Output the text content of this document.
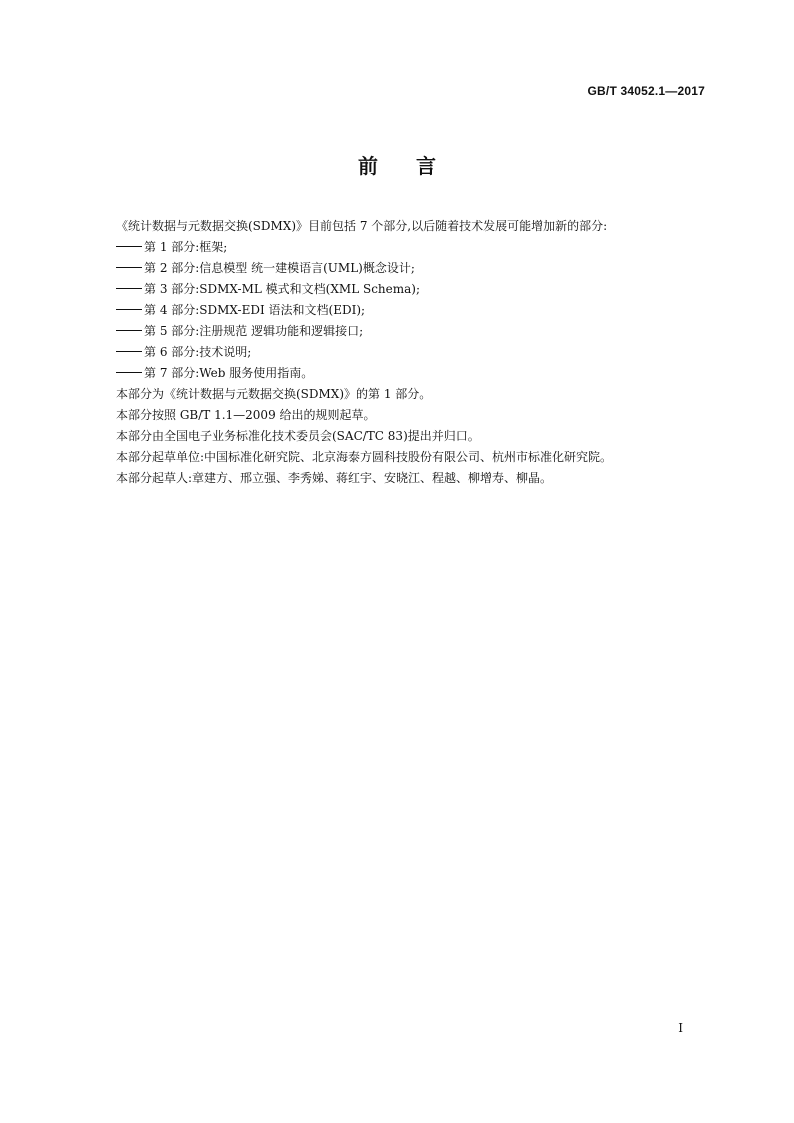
GB/T 34052.1—2017
前言
《统计数据与元数据交换(SDMX)》目前包括 7 个部分,以后随着技术发展可能增加新的部分:
第 1 部分:框架;
第 2 部分:信息模型 统一建模语言(UML)概念设计;
第 3 部分:SDMX-ML 模式和文档(XML Schema);
第 4 部分:SDMX-EDI 语法和文档(EDI);
第 5 部分:注册规范 逻辑功能和逻辑接口;
第 6 部分:技术说明;
第 7 部分:Web 服务使用指南。
本部分为《统计数据与元数据交换(SDMX)》的第 1 部分。
本部分按照 GB/T 1.1—2009 给出的规则起草。
本部分由全国电子业务标准化技术委员会(SAC/TC 83)提出并归口。
本部分起草单位:中国标准化研究院、北京海泰方圆科技股份有限公司、杭州市标准化研究院。
本部分起草人:章建方、邢立强、李秀娣、蒋红宇、安晓江、程越、柳增寿、柳晶。
I
